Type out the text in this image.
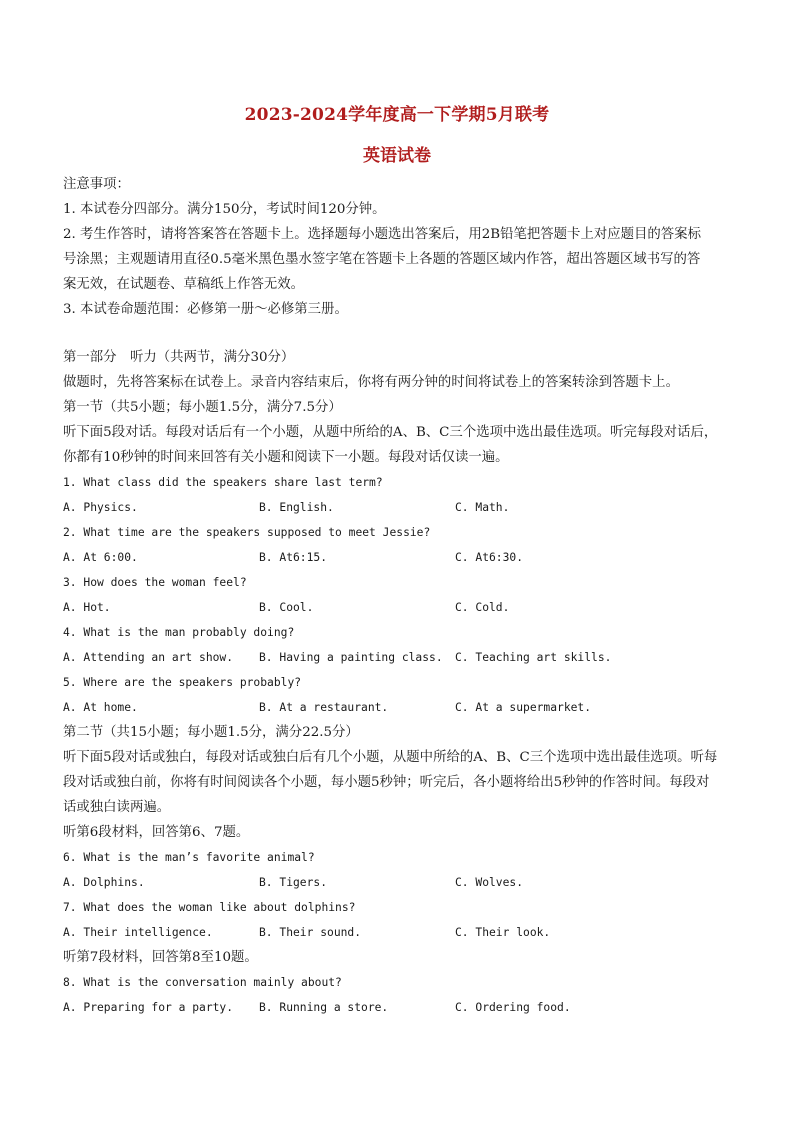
2023-2024学年度高一下学期5月联考
英语试卷
注意事项：
1. 本试卷分四部分。满分150分，考试时间120分钟。
2. 考生作答时，请将答案答在答题卡上。选择题每小题选出答案后，用2B铅笔把答题卡上对应题目的答案标
号涂黑；主观题请用直径0.5毫米黑色墨水签字笔在答题卡上各题的答题区域内作答，超出答题区域书写的答
案无效，在试题卷、草稿纸上作答无效。
3. 本试卷命题范围：必修第一册～必修第三册。
第一部分　听力（共两节，满分30分）
做题时，先将答案标在试卷上。录音内容结束后，你将有两分钟的时间将试卷上的答案转涂到答题卡上。
第一节（共5小题；每小题1.5分，满分7.5分）
听下面5段对话。每段对话后有一个小题，从题中所给的A、B、C三个选项中选出最佳选项。听完每段对话后，
你都有10秒钟的时间来回答有关小题和阅读下一小题。每段对话仅读一遍。
1. What class did the speakers share last term?
A. Physics.	B. English.	C. Math.
2. What time are the speakers supposed to meet Jessie?
A. At 6:00.	B. At6:15.	C. At6:30.
3. How does the woman feel?
A. Hot.	B. Cool.	C. Cold.
4. What is the man probably doing?
A. Attending an art show. B. Having a painting class. C. Teaching art skills.
5. Where are the speakers probably?
A. At home.	B. At a restaurant.	C. At a supermarket.
第二节（共15小题；每小题1.5分，满分22.5分）
听下面5段对话或独白，每段对话或独白后有几个小题，从题中所给的A、B、C三个选项中选出最佳选项。听每
段对话或独白前，你将有时间阅读各个小题，每小题5秒钟；听完后，各小题将给出5秒钟的作答时间。每段对
话或独白读两遍。
听第6段材料，回答第6、7题。
6. What is the man’s favorite animal?
A. Dolphins.	B. Tigers.	C. Wolves.
7. What does the woman like about dolphins?
A. Their intelligence.	B. Their sound.	C. Their look.
听第7段材料，回答第8至10题。
8. What is the conversation mainly about?
A. Preparing for a party. B. Running a store.	C. Ordering food.
